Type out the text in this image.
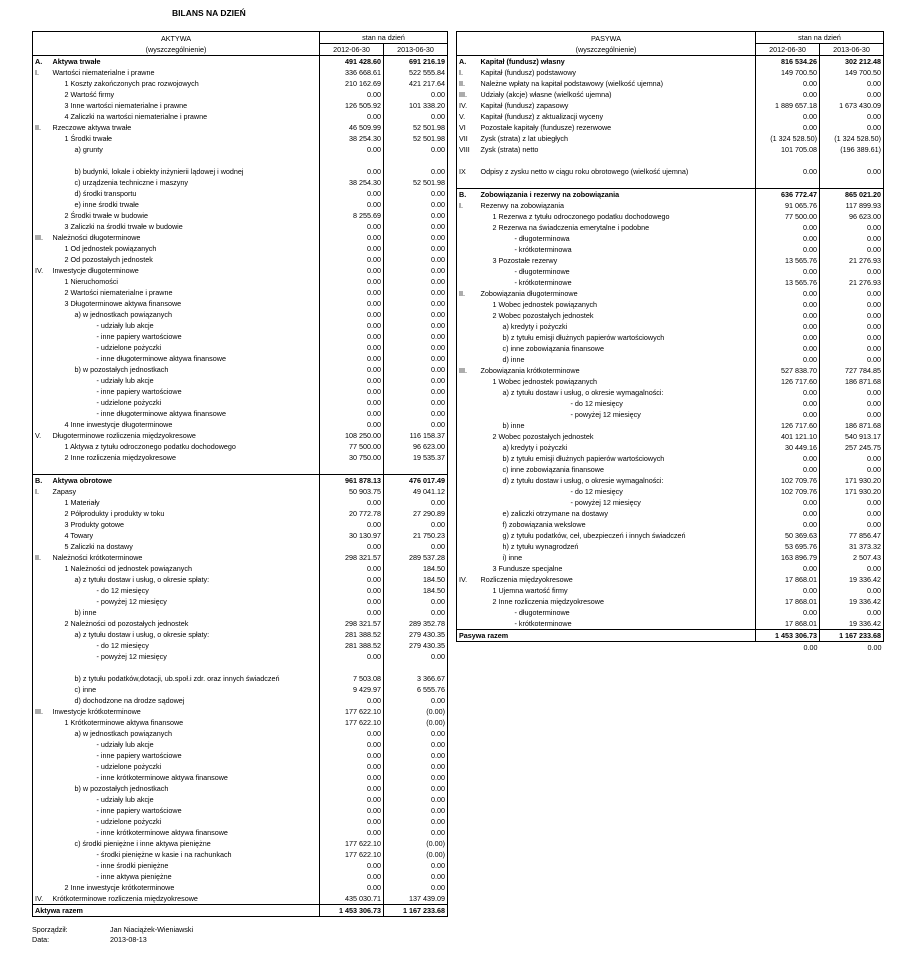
BILANS NA DZIEŃ
AKTYWA		stan na dzień	
(wyszczególnienie)		2012-06-30	2013-06-30
A.	Aktywa trwałe	491 428.60	691 216.19
I.	Wartości niematerialne i prawne	336 668.61	522 555.84
	1 Koszty zakończonych prac rozwojowych	210 162.69	421 217.64
	2 Wartość firmy	0.00	0.00
	3 Inne wartości niematerialne i prawne	126 505.92	101 338.20
	4 Zaliczki na wartości niematerialne i prawne	0.00	0.00
II.	Rzeczowe aktywa trwałe	46 509.99	52 501.98
	1 Środki trwałe	38 254.30	52 501.98
	a) grunty	0.00	0.00
	b) budynki, lokale i obiekty inżynierii lądowej i wodnej	0.00	0.00
	c) urządzenia techniczne i maszyny	38 254.30	52 501.98
	d) środki transportu	0.00	0.00
	e) inne środki trwałe	0.00	0.00
	2 Środki trwałe w budowie	8 255.69	0.00
	3 Zaliczki na środki trwałe w budowie	0.00	0.00
III.	Należności długoterminowe	0.00	0.00
	1 Od jednostek powiązanych	0.00	0.00
	2 Od pozostałych jednostek	0.00	0.00
IV.	Inwestycje długoterminowe	0.00	0.00
	1 Nieruchomości	0.00	0.00
	2 Wartości niematerialne i prawne	0.00	0.00
	3 Długoterminowe aktywa finansowe	0.00	0.00
	a) w jednostkach powiązanych	0.00	0.00
	- udziały lub akcje	0.00	0.00
	- inne papiery wartościowe	0.00	0.00
	- udzielone pożyczki	0.00	0.00
	- inne długoterminowe aktywa finansowe	0.00	0.00
	b) w pozostałych jednostkach	0.00	0.00
	- udziały lub akcje	0.00	0.00
	- inne papiery wartościowe	0.00	0.00
	- udzielone pożyczki	0.00	0.00
	- inne długoterminowe aktywa finansowe	0.00	0.00
	4 Inne inwestycje długoterminowe	0.00	0.00
V.	Długoterminowe rozliczenia międzyokresowe	108 250.00	116 158.37
	1 Aktywa z tytułu odroczonego podatku dochodowego	77 500.00	96 623.00
	2 Inne rozliczenia międzyokresowe	30 750.00	19 535.37

B.	Aktywa obrotowe	961 878.13	476 017.49
I.	Zapasy	50 903.75	49 041.12
	1 Materiały	0.00	0.00
	2 Półprodukty i produkty w toku	20 772.78	27 290.89
	3 Produkty gotowe	0.00	0.00
	4 Towary	30 130.97	21 750.23
	5 Zaliczki na dostawy	0.00	0.00
II.	Należności krótkoterminowe	298 321.57	289 537.28
	1 Należności od jednostek powiązanych	0.00	184.50
	a) z tytułu dostaw i usług, o okresie spłaty:	0.00	184.50
	- do 12 miesięcy	0.00	184.50
	- powyżej 12 miesięcy	0.00	0.00
	b) inne	0.00	0.00
	2 Należności od pozostałych jednostek	298 321.57	289 352.78
	a) z tytułu dostaw i usług, o okresie spłaty:	281 388.52	279 430.35
	- do 12 miesięcy	281 388.52	279 430.35
	- powyżej 12 miesięcy	0.00	0.00
	b) z tytułu podatków,dotacji, ub.społ.i zdr. oraz innych świadczeń	7 503.08	3 366.67
	c) inne	9 429.97	6 555.76
	d) dochodzone na drodze sądowej	0.00	0.00
III.	Inwestycje krótkoterminowe	177 622.10	(0.00)
	1 Krótkoterminowe aktywa finansowe	177 622.10	(0.00)
	a) w jednostkach powiązanych	0.00	0.00
	- udziały lub akcje	0.00	0.00
	- inne papiery wartościowe	0.00	0.00
	- udzielone pożyczki	0.00	0.00
	- inne krótkoterminowe aktywa finansowe	0.00	0.00
	b) w pozostałych jednostkach	0.00	0.00
	- udziały lub akcje	0.00	0.00
	- inne papiery wartościowe	0.00	0.00
	- udzielone pożyczki	0.00	0.00
	- inne krótkoterminowe aktywa finansowe	0.00	0.00
	c) środki pieniężne i inne aktywa pieniężne	177 622.10	(0.00)
	- środki pieniężne w kasie i na rachunkach	177 622.10	(0.00)
	- inne środki pieniężne	0.00	0.00
	- inne aktywa pieniężne	0.00	0.00
	2 Inne inwestycje krótkoterminowe	0.00	0.00
IV.	Krótkoterminowe rozliczenia międzyokresowe	435 030.71	137 439.09
Aktywa razem		1 453 306.73	1 167 233.68
PASYWA		stan na dzień	
(wyszczególnienie)		2012-06-30	2013-06-30
A.	Kapitał (fundusz) własny	816 534.26	302 212.48
I.	Kapitał (fundusz) podstawowy	149 700.50	149 700.50
II.	Należne wpłaty na kapitał podstawowy (wielkość ujemna)	0.00	0.00
III.	Udziały (akcje) własne (wielkość ujemna)	0.00	0.00
IV.	Kapitał (fundusz) zapasowy	1 889 657.18	1 673 430.09
V.	Kapitał (fundusz) z aktualizacji wyceny	0.00	0.00
VI	Pozostałe kapitały (fundusze) rezerwowe	0.00	0.00
VII	Zysk (strata) z lat ubiegłych	(1 324 528.50)	(1 324 528.50)
VIII	Zysk (strata) netto	101 705.08	(196 389.61)
IX	Odpisy z zysku netto w ciągu roku obrotowego (wielkość ujemna)	0.00	0.00

B.	Zobowiązania i rezerwy na zobowiązania	636 772.47	865 021.20
I.	Rezerwy na zobowiązania	91 065.76	117 899.93
	1 Rezerwa z tytułu odroczonego podatku dochodowego	77 500.00	96 623.00
	2 Rezerwa na świadczenia emerytalne i podobne	0.00	0.00
	- długoterminowa	0.00	0.00
	- krótkoterminowa	0.00	0.00
	3 Pozostałe rezerwy	13 565.76	21 276.93
	- długoterminowe	0.00	0.00
	- krótkoterminowe	13 565.76	21 276.93
II.	Zobowiązania długoterminowe	0.00	0.00
	1 Wobec jednostek powiązanych	0.00	0.00
	2 Wobec pozostałych jednostek	0.00	0.00
	a) kredyty i pożyczki	0.00	0.00
	b) z tytułu emisji dłużnych papierów wartościowych	0.00	0.00
	c) inne zobowiązania finansowe	0.00	0.00
	d) inne	0.00	0.00
III.	Zobowiązania krótkoterminowe	527 838.70	727 784.85
	1 Wobec jednostek powiązanych	126 717.60	186 871.68
	a) z tytułu dostaw i usług, o okresie wymagalności:	0.00	0.00
	- do 12 miesięcy	0.00	0.00
	- powyżej 12 miesięcy	0.00	0.00
	b) inne	126 717.60	186 871.68
	2 Wobec pozostałych jednostek	401 121.10	540 913.17
	a) kredyty i pożyczki	30 449.16	257 245.75
	b) z tytułu emisji dłużnych papierów wartościowych	0.00	0.00
	c) inne zobowiązania finansowe	0.00	0.00
	d) z tytułu dostaw i usług, o okresie wymagalności:	102 709.76	171 930.20
	- do 12 miesięcy	102 709.76	171 930.20
	- powyżej 12 miesięcy	0.00	0.00
	e) zaliczki otrzymane na dostawy	0.00	0.00
	f) zobowiązania wekslowe	0.00	0.00
	g) z tytułu podatków, ceł, ubezpieczeń i innych świadczeń	50 369.63	77 856.47
	h) z tytułu wynagrodzeń	53 695.76	31 373.32
	i) inne	163 896.79	2 507.43
	3 Fundusze specjalne	0.00	0.00
IV.	Rozliczenia międzyokresowe	17 868.01	19 336.42
	1 Ujemna wartość firmy	0.00	0.00
	2 Inne rozliczenia międzyokresowe	17 868.01	19 336.42
	- długoterminowe	0.00	0.00
	- krótkoterminowe	17 868.01	19 336.42
Pasywa razem		1 453 306.73	1 167 233.68
		0.00	0.00
Sporządził:	Jan Niaciążek-Wieniawski
Data:	2013-08-13
